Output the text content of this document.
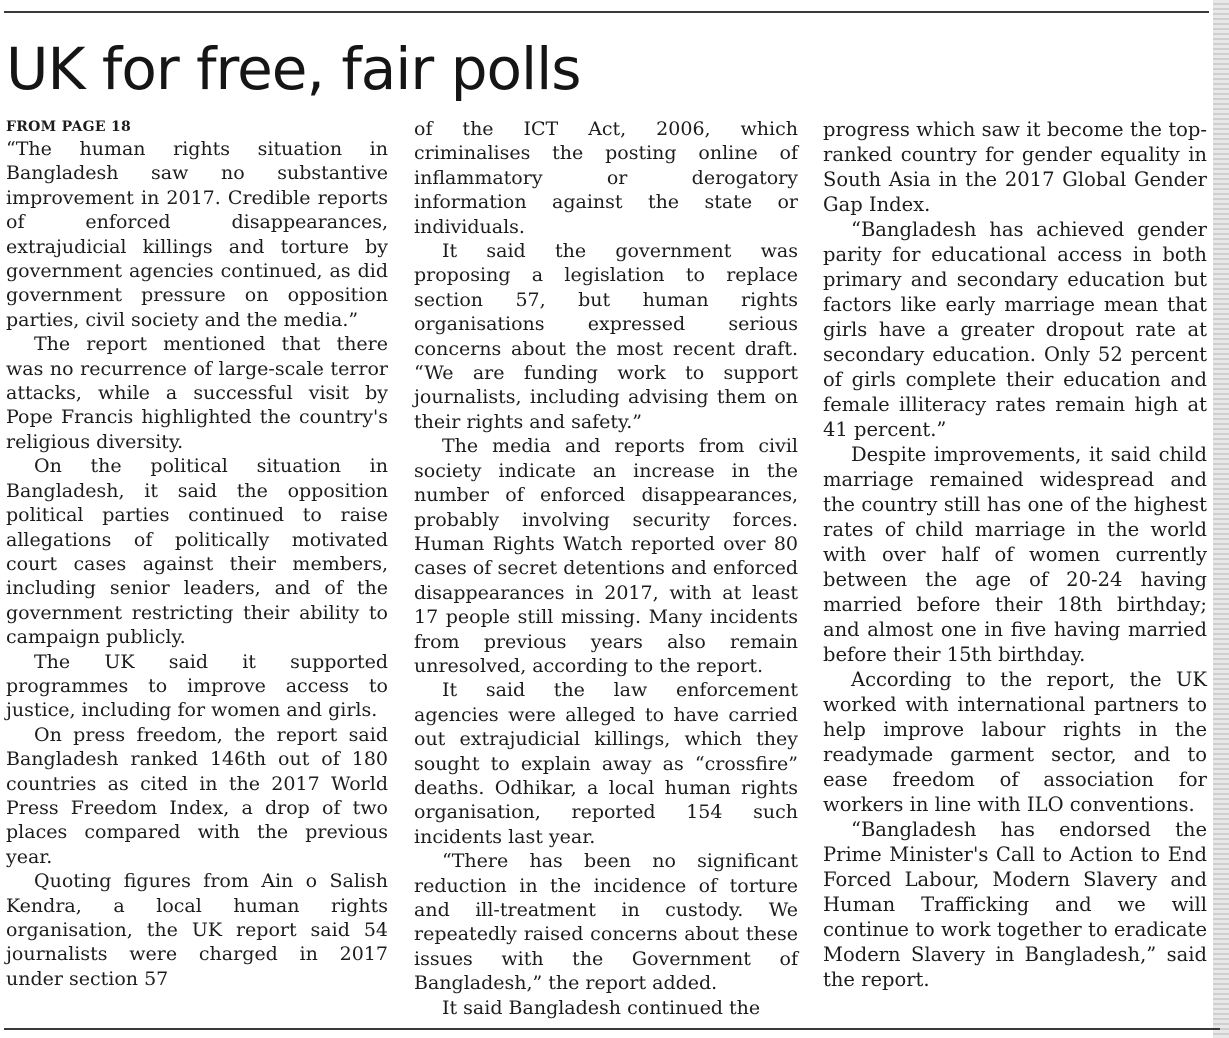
UK for free, fair polls
FROM PAGE 18

“The human rights situation in Bangladesh saw no substantive improvement in 2017. Credible reports of enforced disappearances, extrajudicial killings and torture by government agencies continued, as did government pressure on opposition parties, civil society and the media.”

The report mentioned that there was no recurrence of large-scale terror attacks, while a successful visit by Pope Francis highlighted the country's religious diversity.

On the political situation in Bangladesh, it said the opposition political parties continued to raise allegations of politically motivated court cases against their members, including senior leaders, and of the government restricting their ability to campaign publicly.

The UK said it supported programmes to improve access to justice, including for women and girls.

On press freedom, the report said Bangladesh ranked 146th out of 180 countries as cited in the 2017 World Press Freedom Index, a drop of two places compared with the previous year.

Quoting figures from Ain o Salish Kendra, a local human rights organisation, the UK report said 54 journalists were charged in 2017 under section 57

of the ICT Act, 2006, which criminalises the posting online of inflammatory or derogatory information against the state or individuals.

It said the government was proposing a legislation to replace section 57, but human rights organisations expressed serious concerns about the most recent draft. “We are funding work to support journalists, including advising them on their rights and safety.”

The media and reports from civil society indicate an increase in the number of enforced disappearances, probably involving security forces. Human Rights Watch reported over 80 cases of secret detentions and enforced disappearances in 2017, with at least 17 people still missing. Many incidents from previous years also remain unresolved, according to the report.

It said the law enforcement agencies were alleged to have carried out extrajudicial killings, which they sought to explain away as “crossfire” deaths. Odhikar, a local human rights organisation, reported 154 such incidents last year.

“There has been no significant reduction in the incidence of torture and ill-treatment in custody. We repeatedly raised concerns about these issues with the Government of Bangladesh,” the report added.

It said Bangladesh continued the

progress which saw it become the top-ranked country for gender equality in South Asia in the 2017 Global Gender Gap Index.

“Bangladesh has achieved gender parity for educational access in both primary and secondary education but factors like early marriage mean that girls have a greater dropout rate at secondary education. Only 52 percent of girls complete their education and female illiteracy rates remain high at 41 percent.”

Despite improvements, it said child marriage remained widespread and the country still has one of the highest rates of child marriage in the world with over half of women currently between the age of 20-24 having married before their 18th birthday; and almost one in five having married before their 15th birthday.

According to the report, the UK worked with international partners to help improve labour rights in the readymade garment sector, and to ease freedom of association for workers in line with ILO conventions.

“Bangladesh has endorsed the Prime Minister's Call to Action to End Forced Labour, Modern Slavery and Human Trafficking and we will continue to work together to eradicate Modern Slavery in Bangladesh,” said the report.
